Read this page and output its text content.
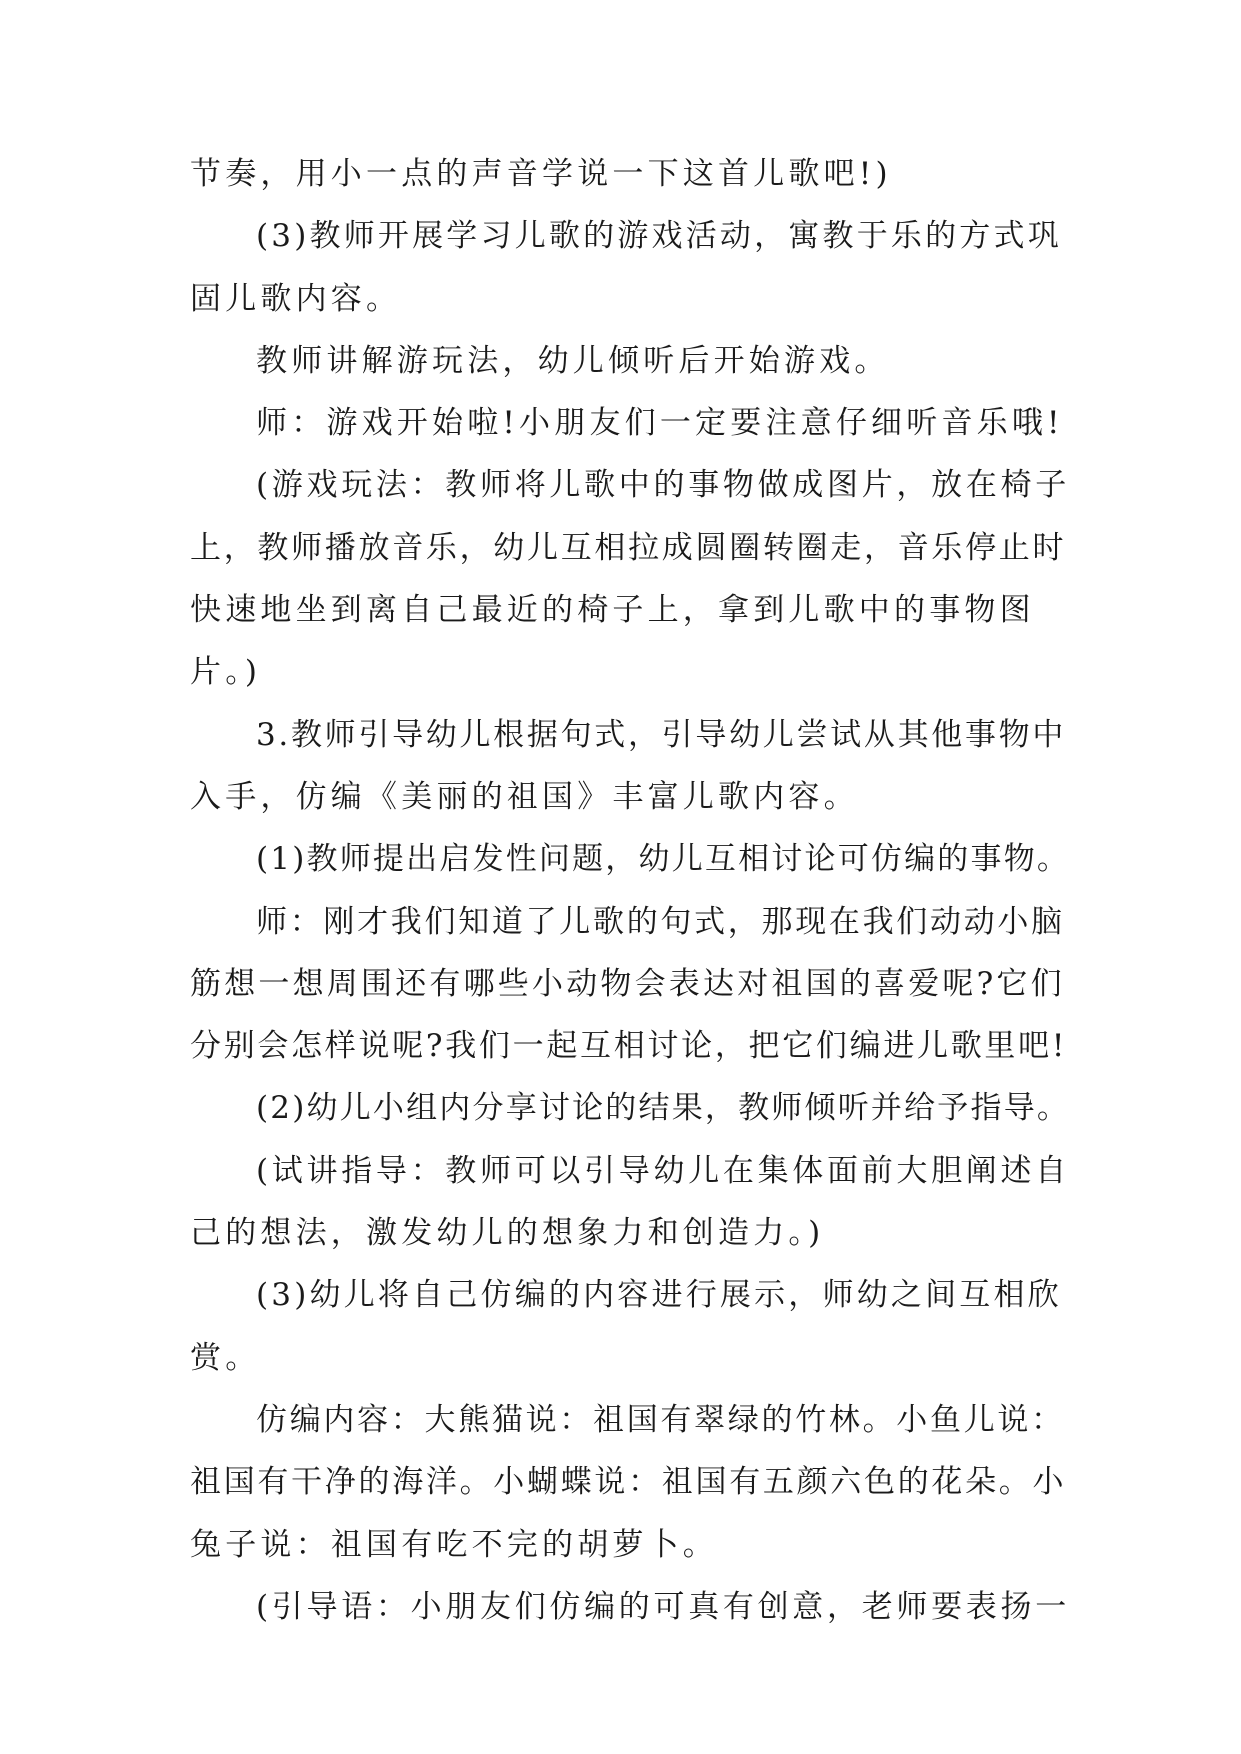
节奏，用小一点的声音学说一下这首儿歌吧!)
(3)教师开展学习儿歌的游戏活动，寓教于乐的方式巩
固儿歌内容。
教师讲解游玩法，幼儿倾听后开始游戏。
师：游戏开始啦!小朋友们一定要注意仔细听音乐哦!
(游戏玩法：教师将儿歌中的事物做成图片，放在椅子
上，教师播放音乐，幼儿互相拉成圆圈转圈走，音乐停止时
快速地坐到离自己最近的椅子上，拿到儿歌中的事物图
片。)
3.教师引导幼儿根据句式，引导幼儿尝试从其他事物中
入手，仿编《美丽的祖国》丰富儿歌内容。
(1)教师提出启发性问题，幼儿互相讨论可仿编的事物。
师：刚才我们知道了儿歌的句式，那现在我们动动小脑
筋想一想周围还有哪些小动物会表达对祖国的喜爱呢?它们
分别会怎样说呢?我们一起互相讨论，把它们编进儿歌里吧!
(2)幼儿小组内分享讨论的结果，教师倾听并给予指导。
(试讲指导：教师可以引导幼儿在集体面前大胆阐述自
己的想法，激发幼儿的想象力和创造力。)
(3)幼儿将自己仿编的内容进行展示，师幼之间互相欣
赏。
仿编内容：大熊猫说：祖国有翠绿的竹林。小鱼儿说：
祖国有干净的海洋。小蝴蝶说：祖国有五颜六色的花朵。小
兔子说：祖国有吃不完的胡萝卜。
(引导语：小朋友们仿编的可真有创意，老师要表扬一
